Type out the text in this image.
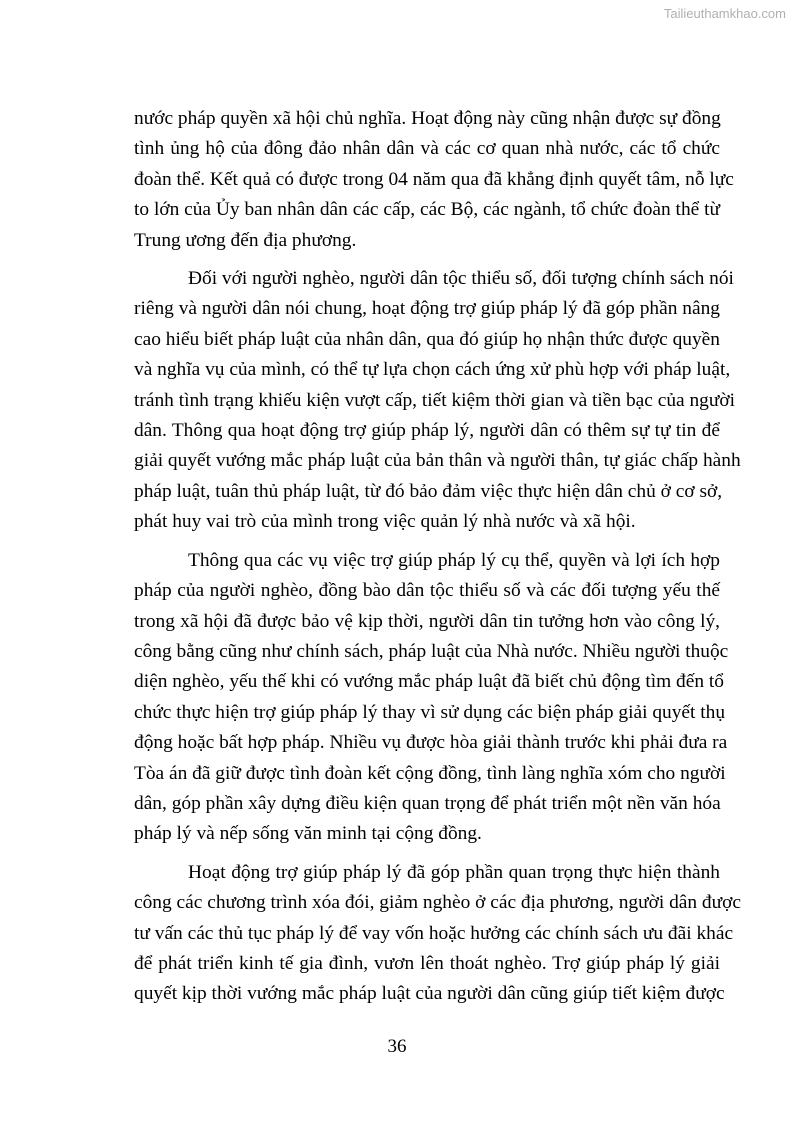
Tailieuthamkhao.com

nước pháp quyền xã hội chủ nghĩa. Hoạt động này cũng nhận được sự đồng
tình ủng hộ của đông đảo nhân dân và các cơ quan nhà nước, các tổ chức
đoàn thể. Kết quả có được trong 04 năm qua đã khẳng định quyết tâm, nỗ lực
to lớn của Ủy ban nhân dân các cấp, các Bộ, các ngành, tổ chức đoàn thể từ
Trung ương đến địa phương.

Đối với người nghèo, người dân tộc thiểu số, đối tượng chính sách nói
riêng và người dân nói chung, hoạt động trợ giúp pháp lý đã góp phần nâng
cao hiểu biết pháp luật của nhân dân, qua đó giúp họ nhận thức được quyền
và nghĩa vụ của mình, có thể tự lựa chọn cách ứng xử phù hợp với pháp luật,
tránh tình trạng khiếu kiện vượt cấp, tiết kiệm thời gian và tiền bạc của người
dân. Thông qua hoạt động trợ giúp pháp lý, người dân có thêm sự tự tin để
giải quyết vướng mắc pháp luật của bản thân và người thân, tự giác chấp hành
pháp luật, tuân thủ pháp luật, từ đó bảo đảm việc thực hiện dân chủ ở cơ sở,
phát huy vai trò của mình trong việc quản lý nhà nước và xã hội.

Thông qua các vụ việc trợ giúp pháp lý cụ thể, quyền và lợi ích hợp
pháp của người nghèo, đồng bào dân tộc thiểu số và các đối tượng yếu thế
trong xã hội đã được bảo vệ kịp thời, người dân tin tưởng hơn vào công lý,
công bằng cũng như chính sách, pháp luật của Nhà nước. Nhiều người thuộc
diện nghèo, yếu thế khi có vướng mắc pháp luật đã biết chủ động tìm đến tổ
chức thực hiện trợ giúp pháp lý thay vì sử dụng các biện pháp giải quyết thụ
động hoặc bất hợp pháp. Nhiều vụ được hòa giải thành trước khi phải đưa ra
Tòa án đã giữ được tình đoàn kết cộng đồng, tình làng nghĩa xóm cho người
dân, góp phần xây dựng điều kiện quan trọng để phát triển một nền văn hóa
pháp lý và nếp sống văn minh tại cộng đồng.

Hoạt động trợ giúp pháp lý đã góp phần quan trọng thực hiện thành
công các chương trình xóa đói, giảm nghèo ở các địa phương, người dân được
tư vấn các thủ tục pháp lý để vay vốn hoặc hưởng các chính sách ưu đãi khác
để phát triển kinh tế gia đình, vươn lên thoát nghèo. Trợ giúp pháp lý giải
quyết kịp thời vướng mắc pháp luật của người dân cũng giúp tiết kiệm được

36
